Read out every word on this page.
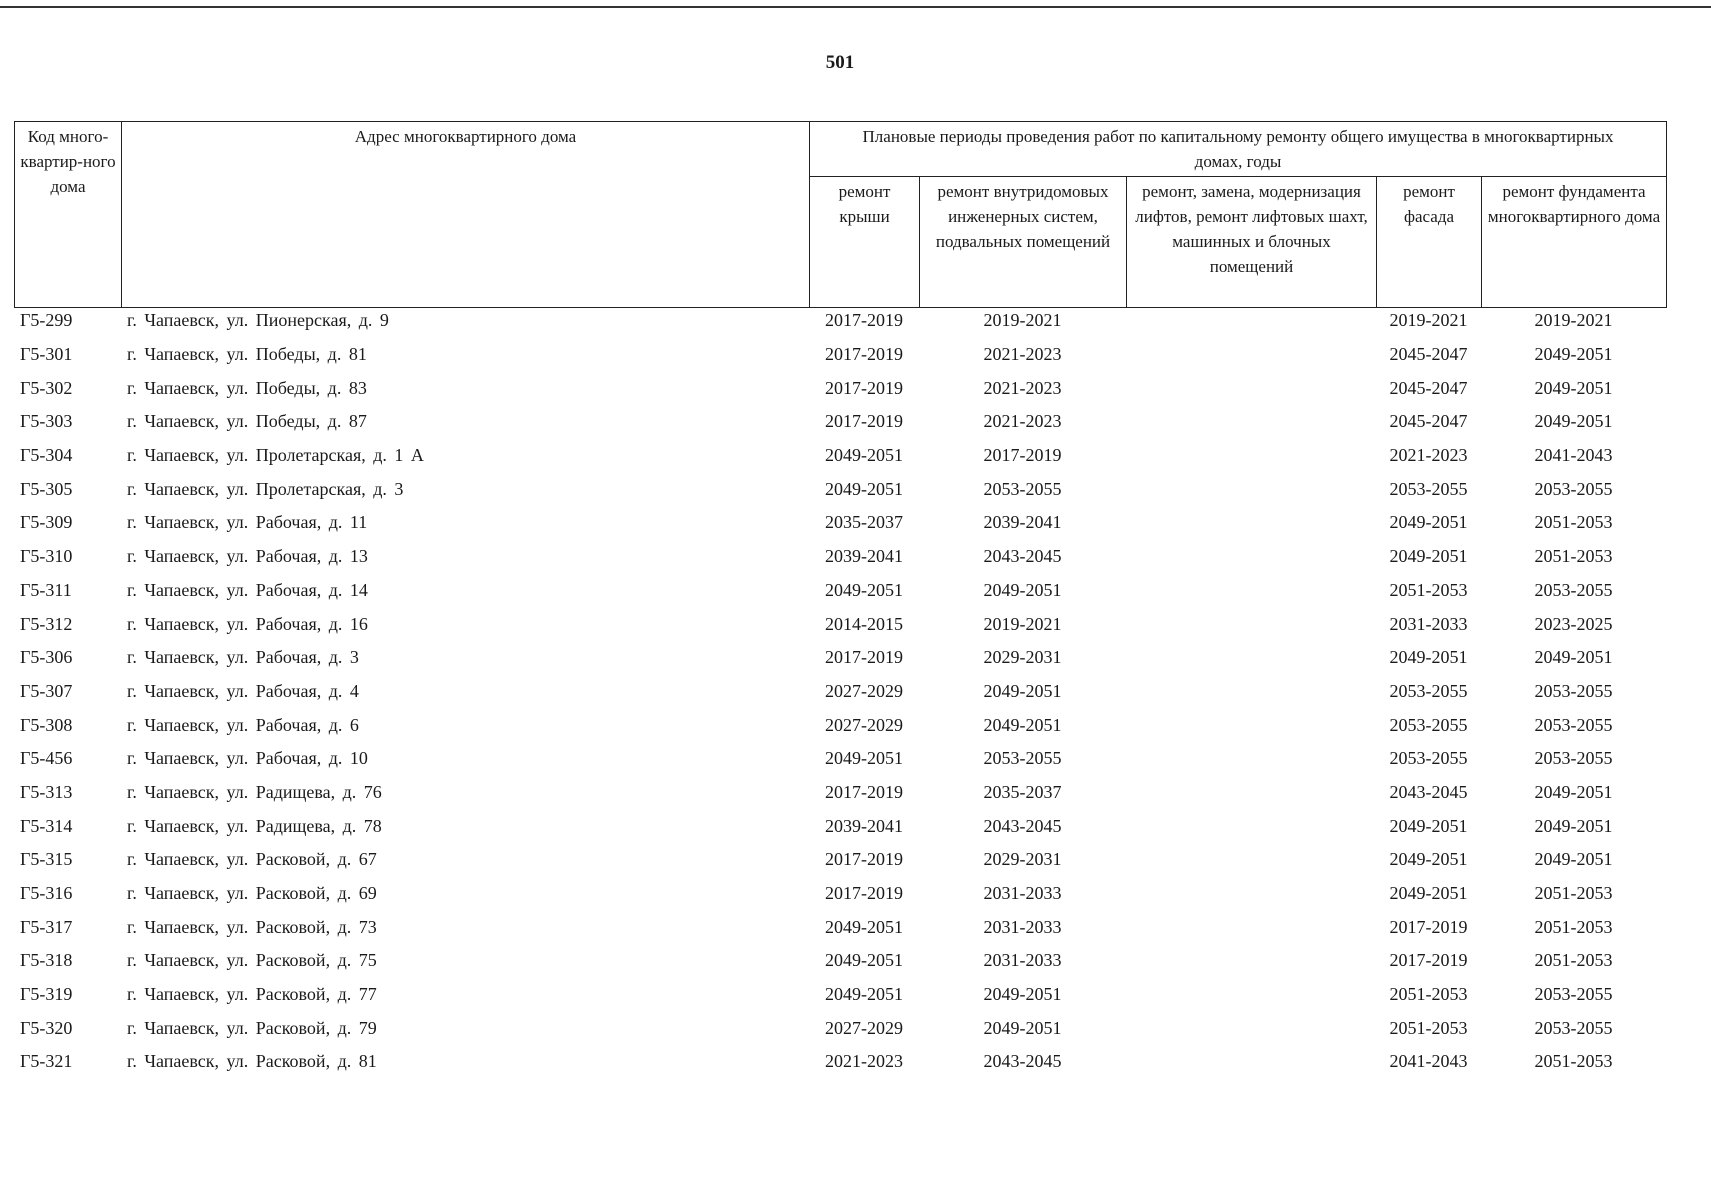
501
Код много-квартир-ного дома	Адрес многоквартирного дома	Плановые периоды проведения работ по капитальному ремонту общего имущества в многоквартирных домах, годы				
		ремонт крыши	ремонт внутридомовых инженерных систем, подвальных помещений	ремонт, замена, модернизация лифтов, ремонт лифтовых шахт, машинных и блочных помещений	ремонт фасада	ремонт фундамента многоквартирного дома
Г5-299	г. Чапаевск, ул. Пионерская, д. 9	2017-2019	2019-2021		2019-2021	2019-2021
Г5-301	г. Чапаевск, ул. Победы, д. 81	2017-2019	2021-2023		2045-2047	2049-2051
Г5-302	г. Чапаевск, ул. Победы, д. 83	2017-2019	2021-2023		2045-2047	2049-2051
Г5-303	г. Чапаевск, ул. Победы, д. 87	2017-2019	2021-2023		2045-2047	2049-2051
Г5-304	г. Чапаевск, ул. Пролетарская, д. 1 А	2049-2051	2017-2019		2021-2023	2041-2043
Г5-305	г. Чапаевск, ул. Пролетарская, д. 3	2049-2051	2053-2055		2053-2055	2053-2055
Г5-309	г. Чапаевск, ул. Рабочая, д. 11	2035-2037	2039-2041		2049-2051	2051-2053
Г5-310	г. Чапаевск, ул. Рабочая, д. 13	2039-2041	2043-2045		2049-2051	2051-2053
Г5-311	г. Чапаевск, ул. Рабочая, д. 14	2049-2051	2049-2051		2051-2053	2053-2055
Г5-312	г. Чапаевск, ул. Рабочая, д. 16	2014-2015	2019-2021		2031-2033	2023-2025
Г5-306	г. Чапаевск, ул. Рабочая, д. 3	2017-2019	2029-2031		2049-2051	2049-2051
Г5-307	г. Чапаевск, ул. Рабочая, д. 4	2027-2029	2049-2051		2053-2055	2053-2055
Г5-308	г. Чапаевск, ул. Рабочая, д. 6	2027-2029	2049-2051		2053-2055	2053-2055
Г5-456	г. Чапаевск, ул. Рабочая, д. 10	2049-2051	2053-2055		2053-2055	2053-2055
Г5-313	г. Чапаевск, ул. Радищева, д. 76	2017-2019	2035-2037		2043-2045	2049-2051
Г5-314	г. Чапаевск, ул. Радищева, д. 78	2039-2041	2043-2045		2049-2051	2049-2051
Г5-315	г. Чапаевск, ул. Расковой, д. 67	2017-2019	2029-2031		2049-2051	2049-2051
Г5-316	г. Чапаевск, ул. Расковой, д. 69	2017-2019	2031-2033		2049-2051	2051-2053
Г5-317	г. Чапаевск, ул. Расковой, д. 73	2049-2051	2031-2033		2017-2019	2051-2053
Г5-318	г. Чапаевск, ул. Расковой, д. 75	2049-2051	2031-2033		2017-2019	2051-2053
Г5-319	г. Чапаевск, ул. Расковой, д. 77	2049-2051	2049-2051		2051-2053	2053-2055
Г5-320	г. Чапаевск, ул. Расковой, д. 79	2027-2029	2049-2051		2051-2053	2053-2055
Г5-321	г. Чапаевск, ул. Расковой, д. 81	2021-2023	2043-2045		2041-2043	2051-2053
